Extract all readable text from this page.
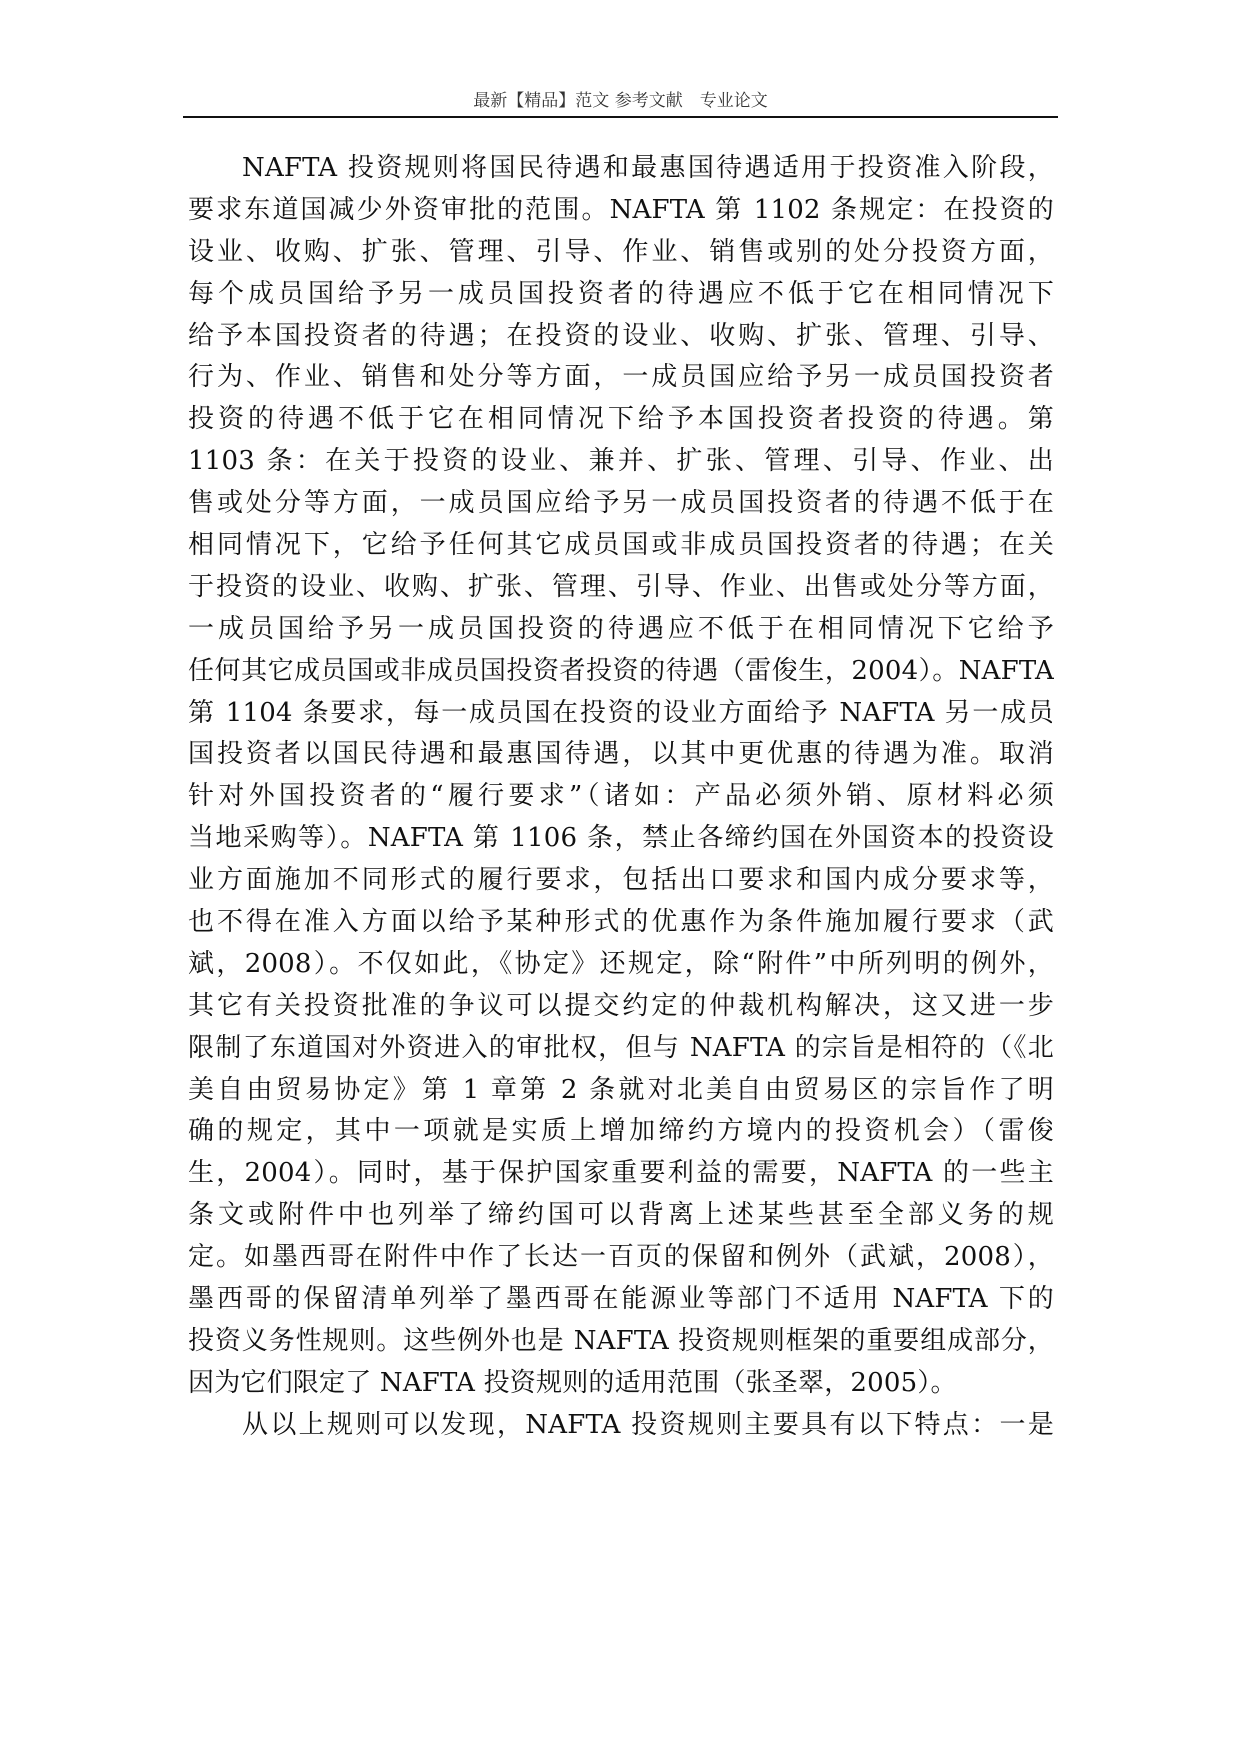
最新【精品】范文 参考文献　专业论文
NAFTA 投资规则将国民待遇和最惠国待遇适用于投资准入阶段，
要求东道国减少外资审批的范围。NAFTA 第 1102 条规定：在投资的
设业、收购、扩张、管理、引导、作业、销售或别的处分投资方面，
每个成员国给予另一成员国投资者的待遇应不低于它在相同情况下
给予本国投资者的待遇；在投资的设业、收购、扩张、管理、引导、
行为、作业、销售和处分等方面，一成员国应给予另一成员国投资者
投资的待遇不低于它在相同情况下给予本国投资者投资的待遇。第
1103 条：在关于投资的设业、兼并、扩张、管理、引导、作业、出
售或处分等方面，一成员国应给予另一成员国投资者的待遇不低于在
相同情况下，它给予任何其它成员国或非成员国投资者的待遇；在关
于投资的设业、收购、扩张、管理、引导、作业、出售或处分等方面，
一成员国给予另一成员国投资的待遇应不低于在相同情况下它给予
任何其它成员国或非成员国投资者投资的待遇（雷俊生，2004）。NAFTA
第 1104 条要求，每一成员国在投资的设业方面给予 NAFTA 另一成员
国投资者以国民待遇和最惠国待遇，以其中更优惠的待遇为准。取消
针对外国投资者的“履行要求”（诸如：产品必须外销、原材料必须
当地采购等）。NAFTA 第 1106 条，禁止各缔约国在外国资本的投资设
业方面施加不同形式的履行要求，包括出口要求和国内成分要求等，
也不得在准入方面以给予某种形式的优惠作为条件施加履行要求（武
斌，2008）。不仅如此，《协定》还规定，除“附件”中所列明的例外，
其它有关投资批准的争议可以提交约定的仲裁机构解决，这又进一步
限制了东道国对外资进入的审批权，但与 NAFTA 的宗旨是相符的（《北
美自由贸易协定》第 1 章第 2 条就对北美自由贸易区的宗旨作了明
确的规定，其中一项就是实质上增加缔约方境内的投资机会）（雷俊
生，2004）。同时，基于保护国家重要利益的需要，NAFTA 的一些主
条文或附件中也列举了缔约国可以背离上述某些甚至全部义务的规
定。如墨西哥在附件中作了长达一百页的保留和例外（武斌，2008），
墨西哥的保留清单列举了墨西哥在能源业等部门不适用 NAFTA 下的
投资义务性规则。这些例外也是 NAFTA 投资规则框架的重要组成部分，
因为它们限定了 NAFTA 投资规则的适用范围（张圣翠，2005）。
从以上规则可以发现，NAFTA 投资规则主要具有以下特点：一是
